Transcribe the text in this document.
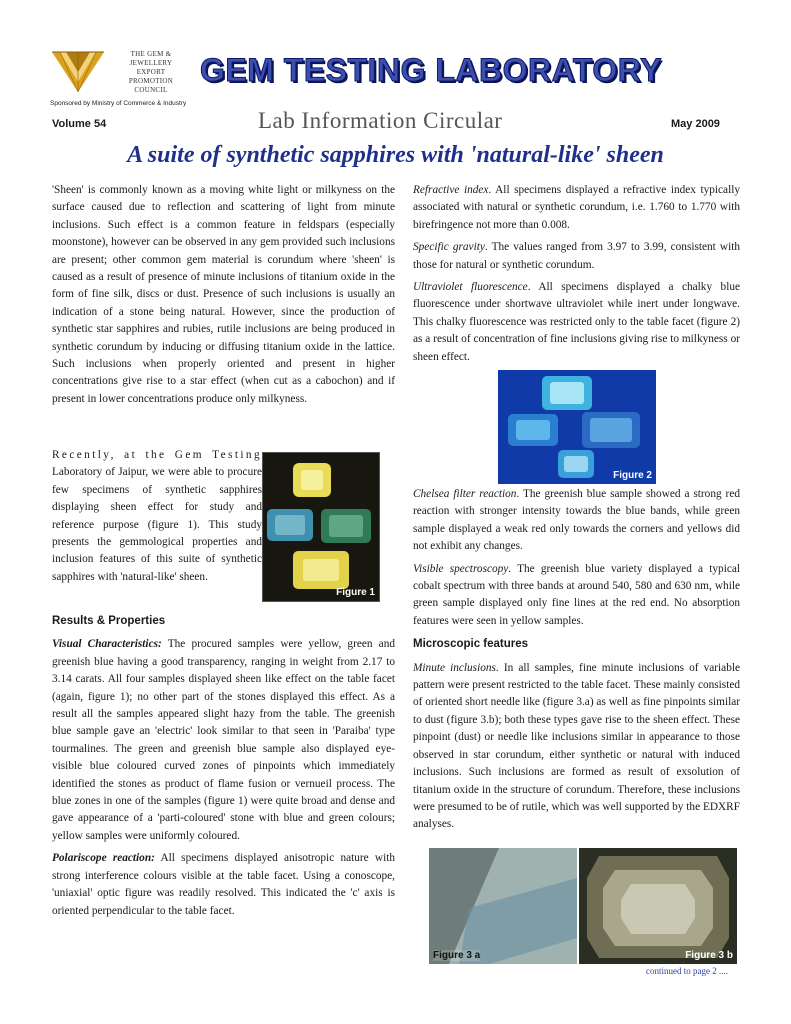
THE GEM &
JEWELLERY
EXPORT
PROMOTION
COUNCIL
Sponsored by Ministry of Commerce & Industry
GEM TESTING LABORATORY
Volume 54	Lab Information Circular	May 2009
A suite of synthetic sapphires with 'natural-like' sheen

'Sheen' is commonly known as a moving white light or milkyness on the surface caused due to reflection and scattering of light from minute inclusions. Such effect is a common feature in feldspars (especially moonstone), however can be observed in any gem provided such inclusions are present; other common gem material is corundum where 'sheen' is caused as a result of presence of minute inclusions of titanium oxide in the form of fine silk, discs or dust. Presence of such inclusions is usually an indication of a stone being natural. However, since the production of synthetic star sapphires and rubies, rutile inclusions are being produced in synthetic corundum by inducing or diffusing titanium oxide in the lattice. Such inclusions when properly oriented and present in higher concentrations give rise to a star effect (when cut as a cabochon) and if present in lower concentrations produce only milkyness.

Recently, at the Gem Testing Laboratory of Jaipur, we were able to procure few specimens of synthetic sapphires displaying sheen effect for study and reference purpose (figure 1). This study presents the gemmological properties and inclusion features of this suite of synthetic sapphires with 'natural-like' sheen.

Figure 1

Results & Properties

Visual Characteristics: The procured samples were yellow, green and greenish blue having a good transparency, ranging in weight from 2.17 to 3.14 carats. All four samples displayed sheen like effect on the table facet (again, figure 1); no other part of the stones displayed this effect. As a result all the samples appeared slight hazy from the table. The greenish blue sample gave an 'electric' look similar to that seen in 'Paraiba' type tourmalines. The green and greenish blue sample also displayed eye- visible blue coloured curved zones of pinpoints which immediately identified the stones as product of flame fusion or vernueil process. The blue zones in one of the samples (figure 1) were quite broad and dense and gave appearance of a 'parti-coloured' stone with blue and green colours; yellow samples were uniformly coloured.

Polariscope reaction: All specimens displayed anisotropic nature with strong interference colours visible at the table facet. Using a conoscope, 'uniaxial' optic figure was readily resolved. This indicated the 'c' axis is oriented perpendicular to the table facet.

Refractive index. All specimens displayed a refractive index typically associated with natural or synthetic corundum, i.e. 1.760 to 1.770 with birefringence not more than 0.008.

Specific gravity. The values ranged from 3.97 to 3.99, consistent with those for natural or synthetic corundum.

Ultraviolet fluorescence. All specimens displayed a chalky blue fluorescence under shortwave ultraviolet while inert under longwave. This chalky fluorescence was restricted only to the table facet (figure 2) as a result of concentration of fine inclusions giving rise to milkyness or sheen effect.

Figure 2

Chelsea filter reaction. The greenish blue sample showed a strong red reaction with stronger intensity towards the blue bands, while green sample displayed a weak red only towards the corners and yellows did not exhibit any changes.

Visible spectroscopy. The greenish blue variety displayed a typical cobalt spectrum with three bands at around 540, 580 and 630 nm, while green sample displayed only fine lines at the red end. No absorption features were seen in yellow samples.

Microscopic features

Minute inclusions. In all samples, fine minute inclusions of variable pattern were present restricted to the table facet. These mainly consisted of oriented short needle like (figure 3.a) as well as fine pinpoints similar to dust (figure 3.b); both these types gave rise to the sheen effect. These pinpoint (dust) or needle like inclusions similar in appearance to those observed in star corundum, either synthetic or natural with induced inclusions. Such inclusions are formed as result of exsolution of titanium oxide in the structure of corundum. Therefore, these inclusions were presumed to be of rutile, which was well supported by the EDXRF analyses.

Figure 3 a	Figure 3 b
continued to page 2 ....
